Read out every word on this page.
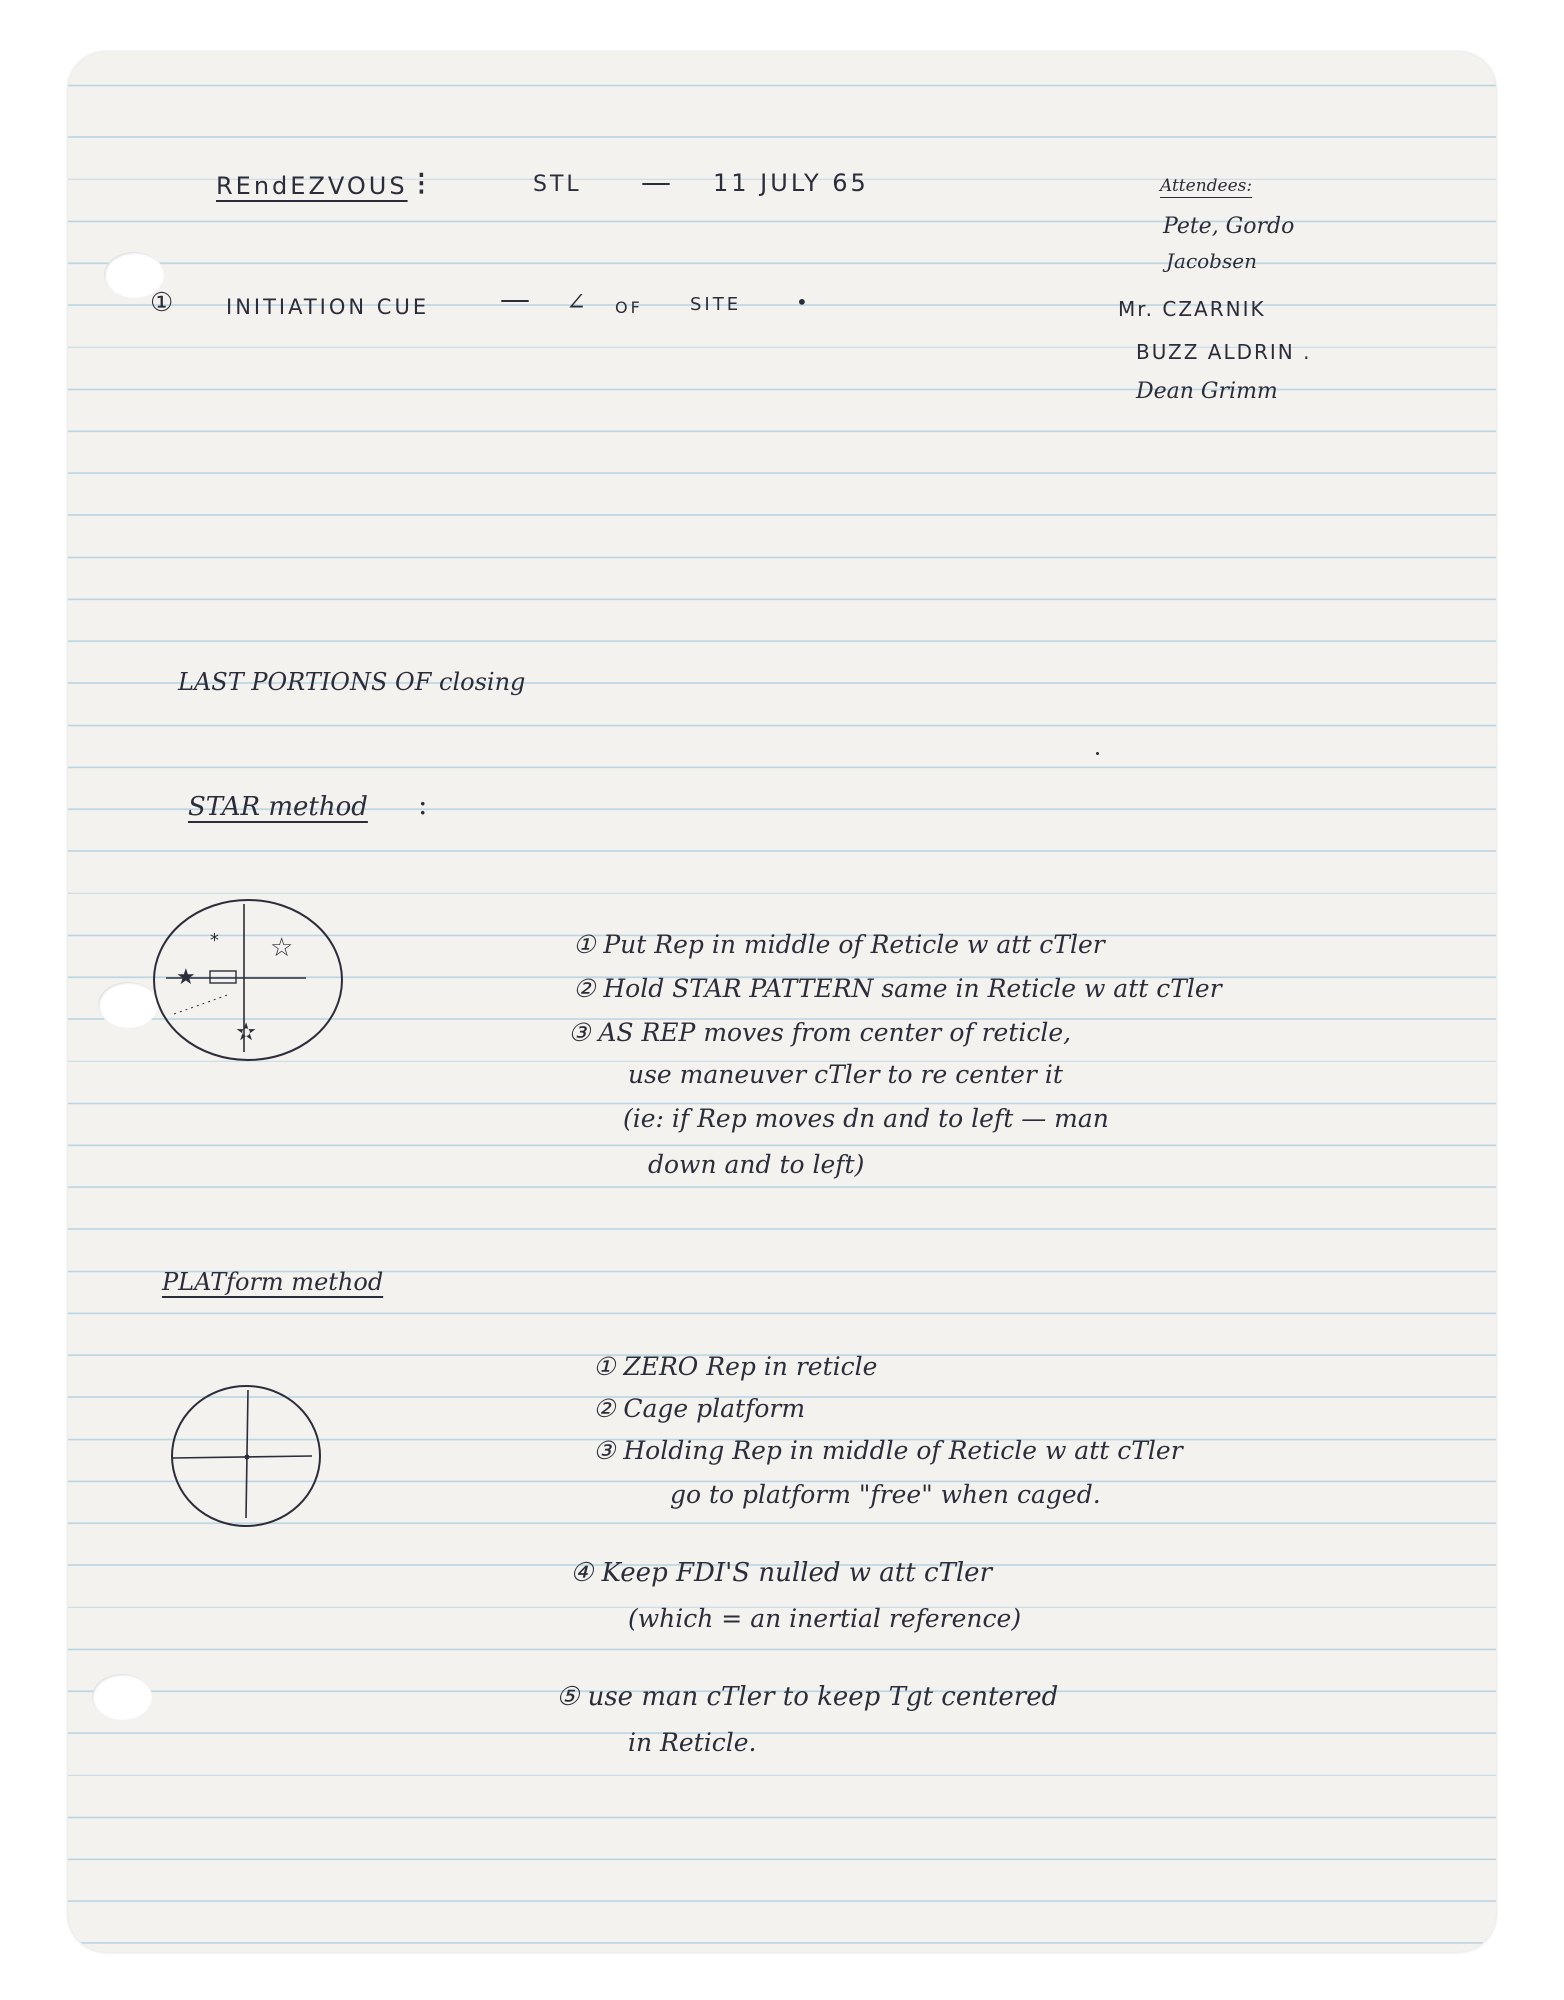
REndEZVOUS ⁝	STL — 11 JULY 65	Attendees:
Pete, Gordo
Jacobsen
Mr. CZARNIK
BUZZ ALDRIN .
Dean Grimm
①	INITIATION CUE — ∠ OF	SITE	•
LAST PORTIONS OF closing
STAR method :
* ☆
★
✫
① Put Rep in middle of Reticle w att cTler
② Hold STAR PATTERN same in Reticle w att cTler
③ AS REP moves from center of reticle,
use maneuver cTler to re center it
(ie: if Rep moves dn and to left — man
down and to left)
PLATform method
① ZERO Rep in reticle
② Cage platform
③ Holding Rep in middle of Reticle w att cTler
go to platform "free" when caged.
④ Keep FDI'S nulled w att cTler
(which = an inertial reference)
⑤ use man cTler to keep Tgt centered
in Reticle.
